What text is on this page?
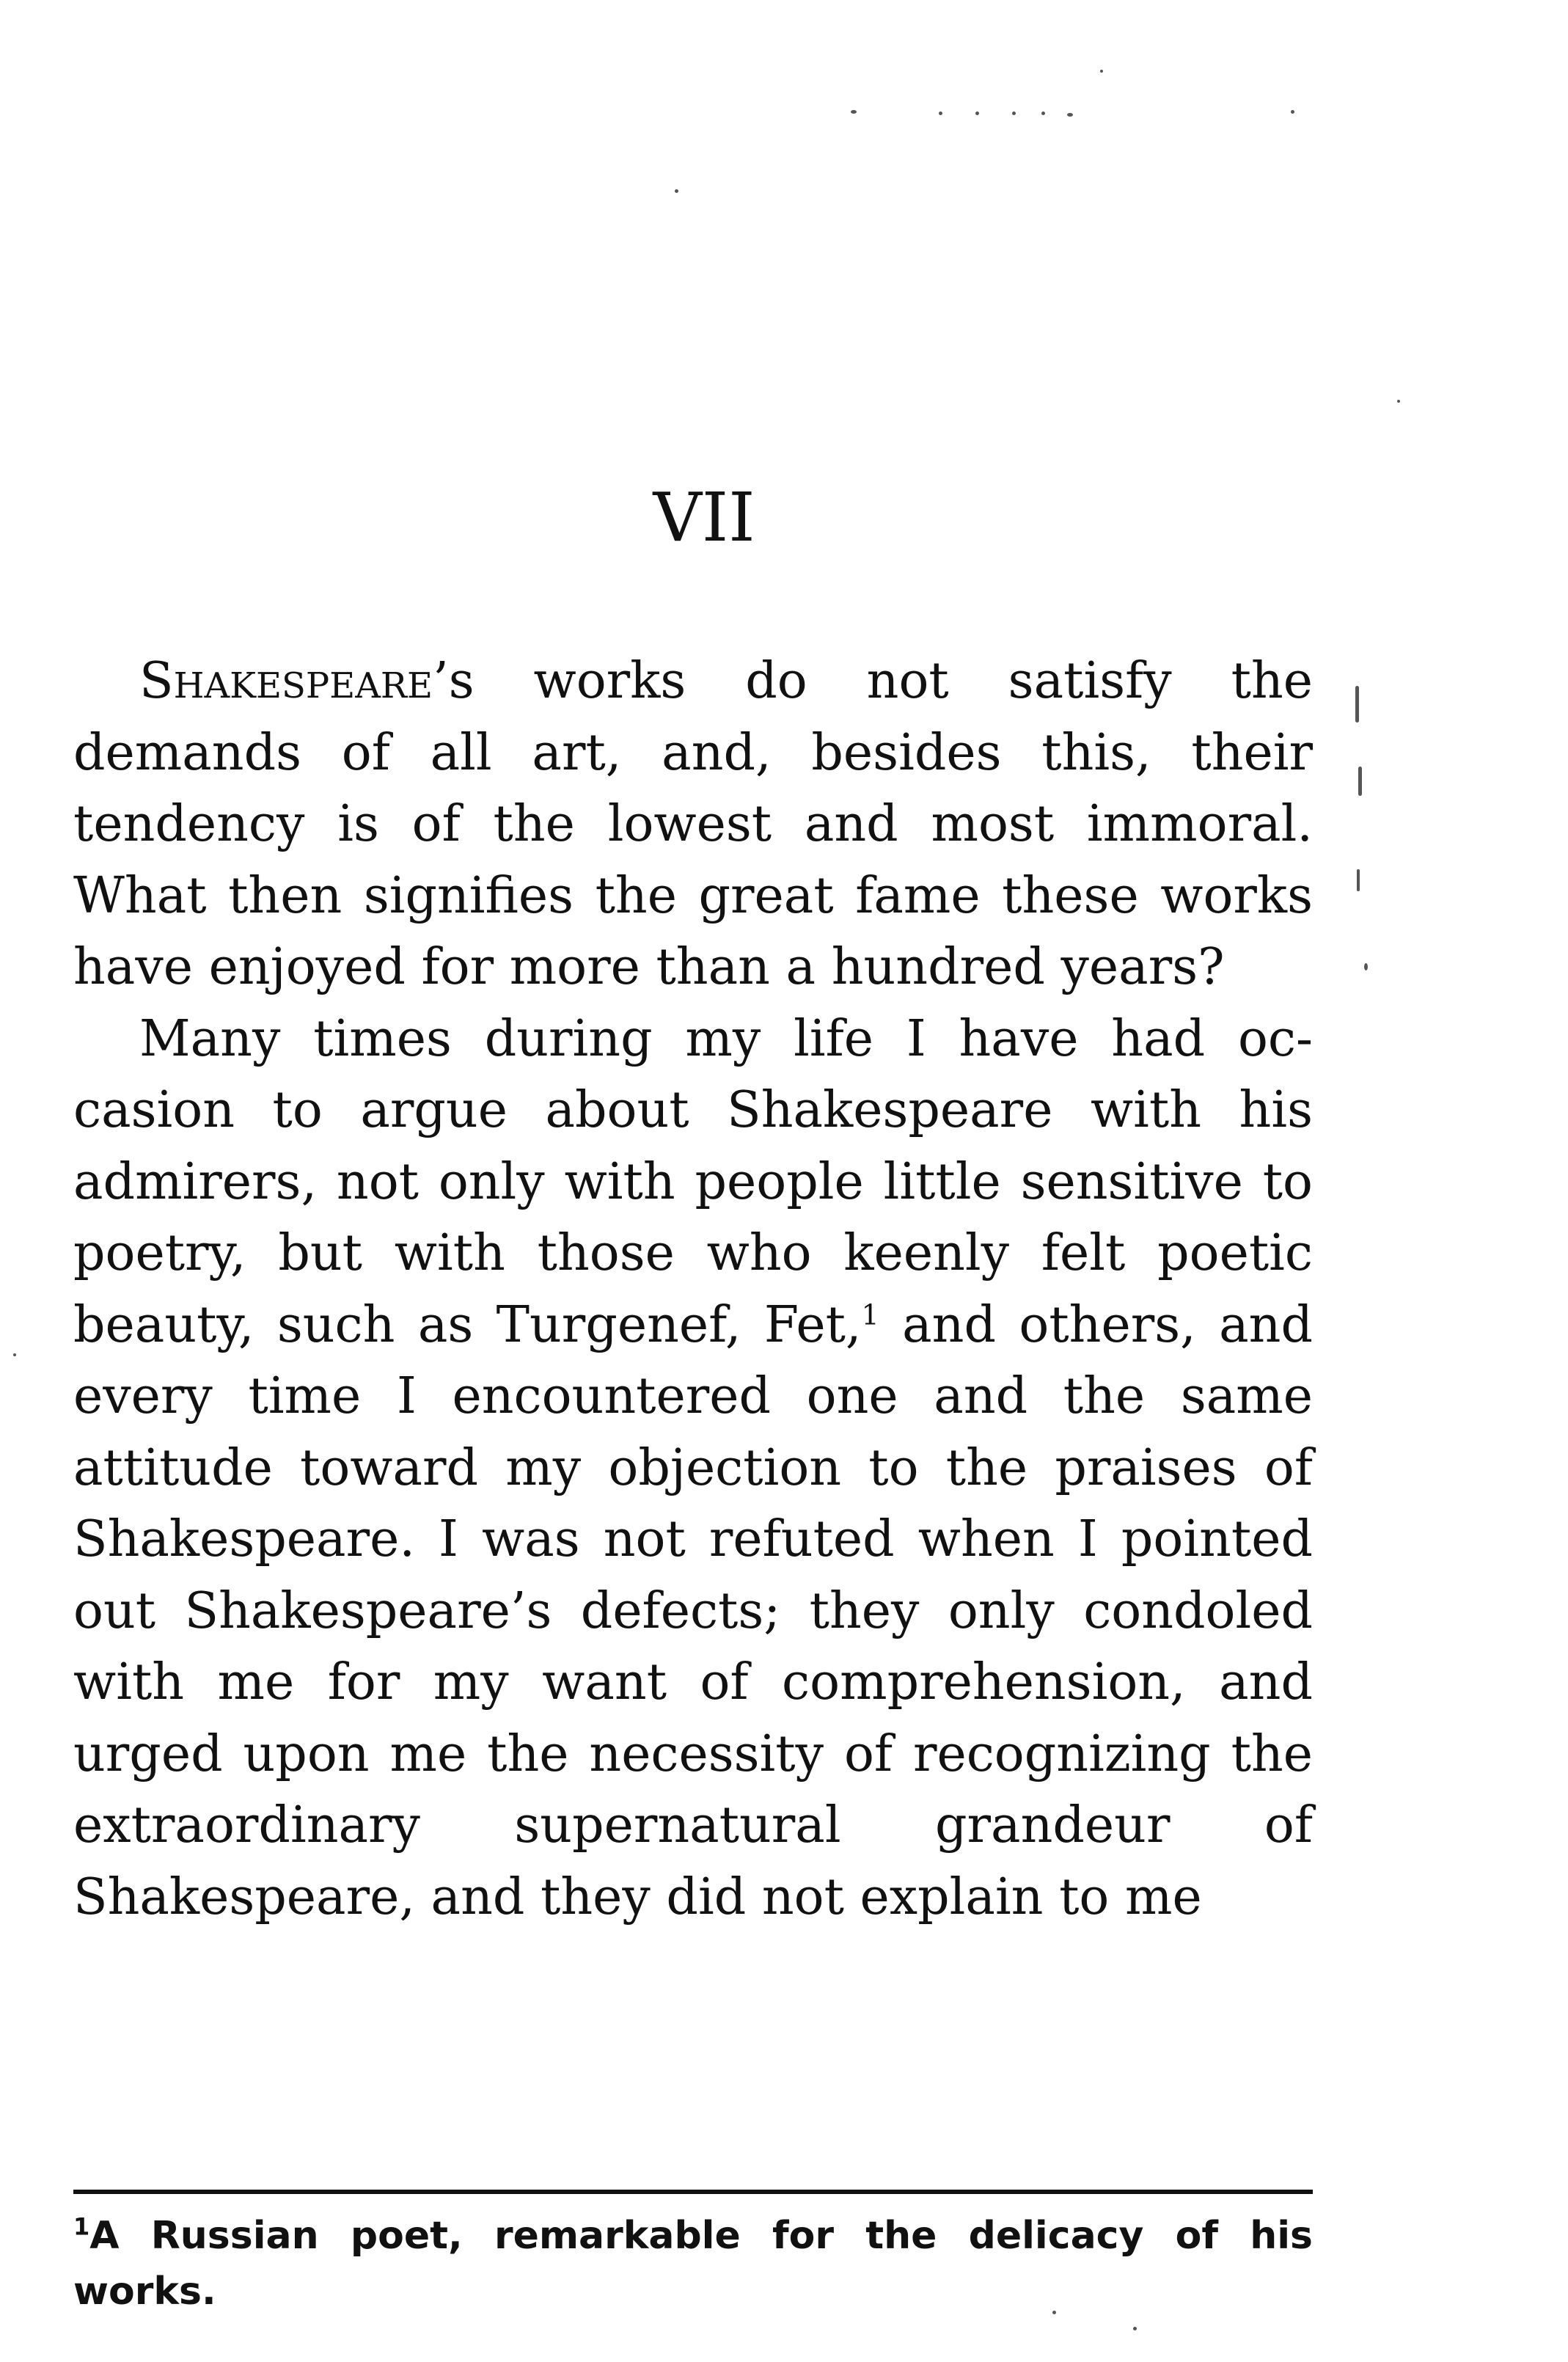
VII

Shakespeare’s works do not satisfy the demands of all art, and, besides this, their tendency is of the lowest and most immoral. What then signifies the great fame these works have enjoyed for more than a hundred years?

Many times during my life I have had occasion to argue about Shakespeare with his admirers, not only with people little sensitive to poetry, but with those who keenly felt poetic beauty, such as Turgenef, Fet,$^1$ and others, and every time I encountered one and the same attitude toward my objection to the praises of Shakespeare. I was not refuted when I pointed out Shakespeare’s defects; they only condoled with me for my want of comprehension, and urged upon me the necessity of recognizing the extraordinary supernatural grandeur of Shakespeare, and they did not explain to me

$^1$A Russian poet, remarkable for the delicacy of his works.
